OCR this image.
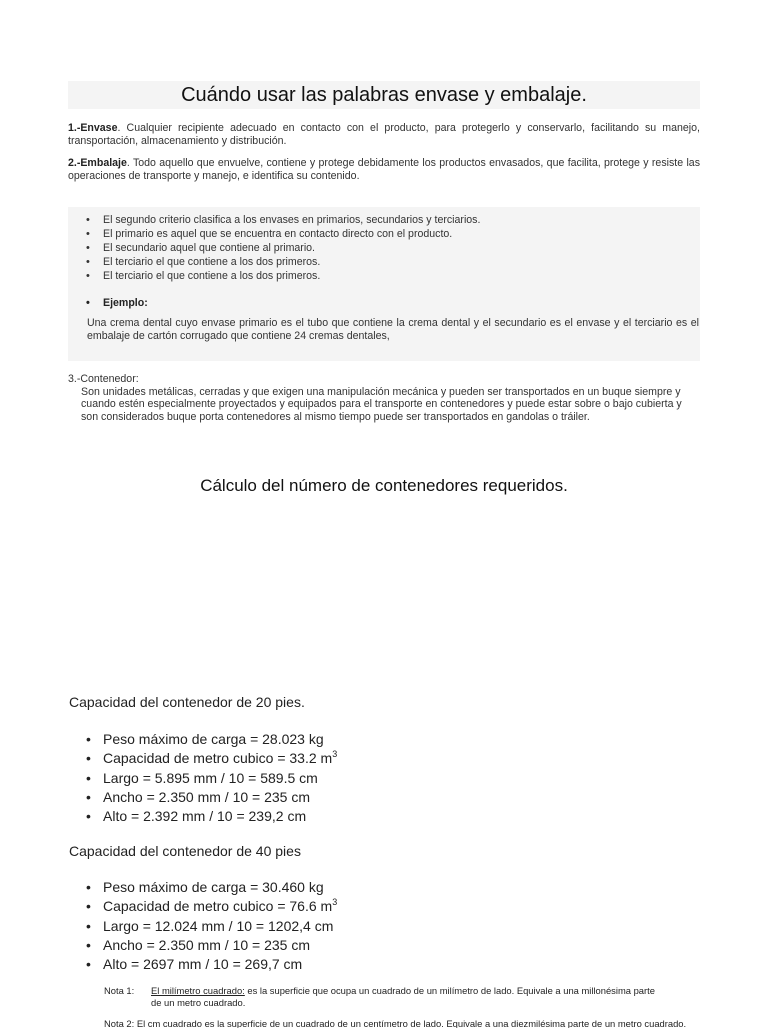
Cuándo usar las palabras envase y embalaje.

1.-Envase. Cualquier recipiente adecuado en contacto con el producto, para protegerlo y conservarlo, facilitando su manejo, transportación, almacenamiento y distribución.

2.-Embalaje. Todo aquello que envuelve, contiene y protege debidamente los productos envasados, que facilita, protege y resiste las operaciones de transporte y manejo, e identifica su contenido.

• El segundo criterio clasifica a los envases en primarios, secundarios y terciarios.
• El primario es aquel que se encuentra en contacto directo con el producto.
• El secundario aquel que contiene al primario.
• El terciario el que contiene a los dos primeros.
• El terciario el que contiene a los dos primeros.
• Ejemplo:

Una crema dental cuyo envase primario es el tubo que contiene la crema dental y el secundario es el envase y el terciario es el embalaje de cartón corrugado que contiene 24 cremas dentales,

3.-Contenedor:
Son unidades metálicas, cerradas y que exigen una manipulación mecánica y pueden ser transportados en un buque siempre y cuando estén especialmente proyectados y equipados para el transporte en contenedores y puede estar sobre o bajo cubierta y son considerados buque porta contenedores al mismo tiempo puede ser transportados en gandolas o tráiler.
Cálculo del número de contenedores requeridos.
Capacidad del contenedor de 20 pies.
• Peso máximo de carga = 28.023 kg
• Capacidad de metro cubico = 33.2 $m^3$
• Largo = 5.895 mm / 10 = 589.5 cm
• Ancho = 2.350 mm / 10 = 235 cm
• Alto = 2.392 mm / 10 = 239,2 cm
Capacidad del contenedor de 40 pies
• Peso máximo de carga = 30.460 kg
• Capacidad de metro cubico = 76.6 $m^3$
• Largo = 12.024 mm / 10 = 1202,4 cm
• Ancho = 2.350 mm / 10 = 235 cm
• Alto = 2697 mm / 10 = 269,7 cm
Nota 1:	El milímetro cuadrado: es la superficie que ocupa un cuadrado de un milímetro de lado. Equivale a una millonésima parte de un metro cuadrado.
Nota 2: El cm cuadrado es la superficie de un cuadrado de un centímetro de lado. Equivale a una diezmilésima parte de un metro cuadrado.
